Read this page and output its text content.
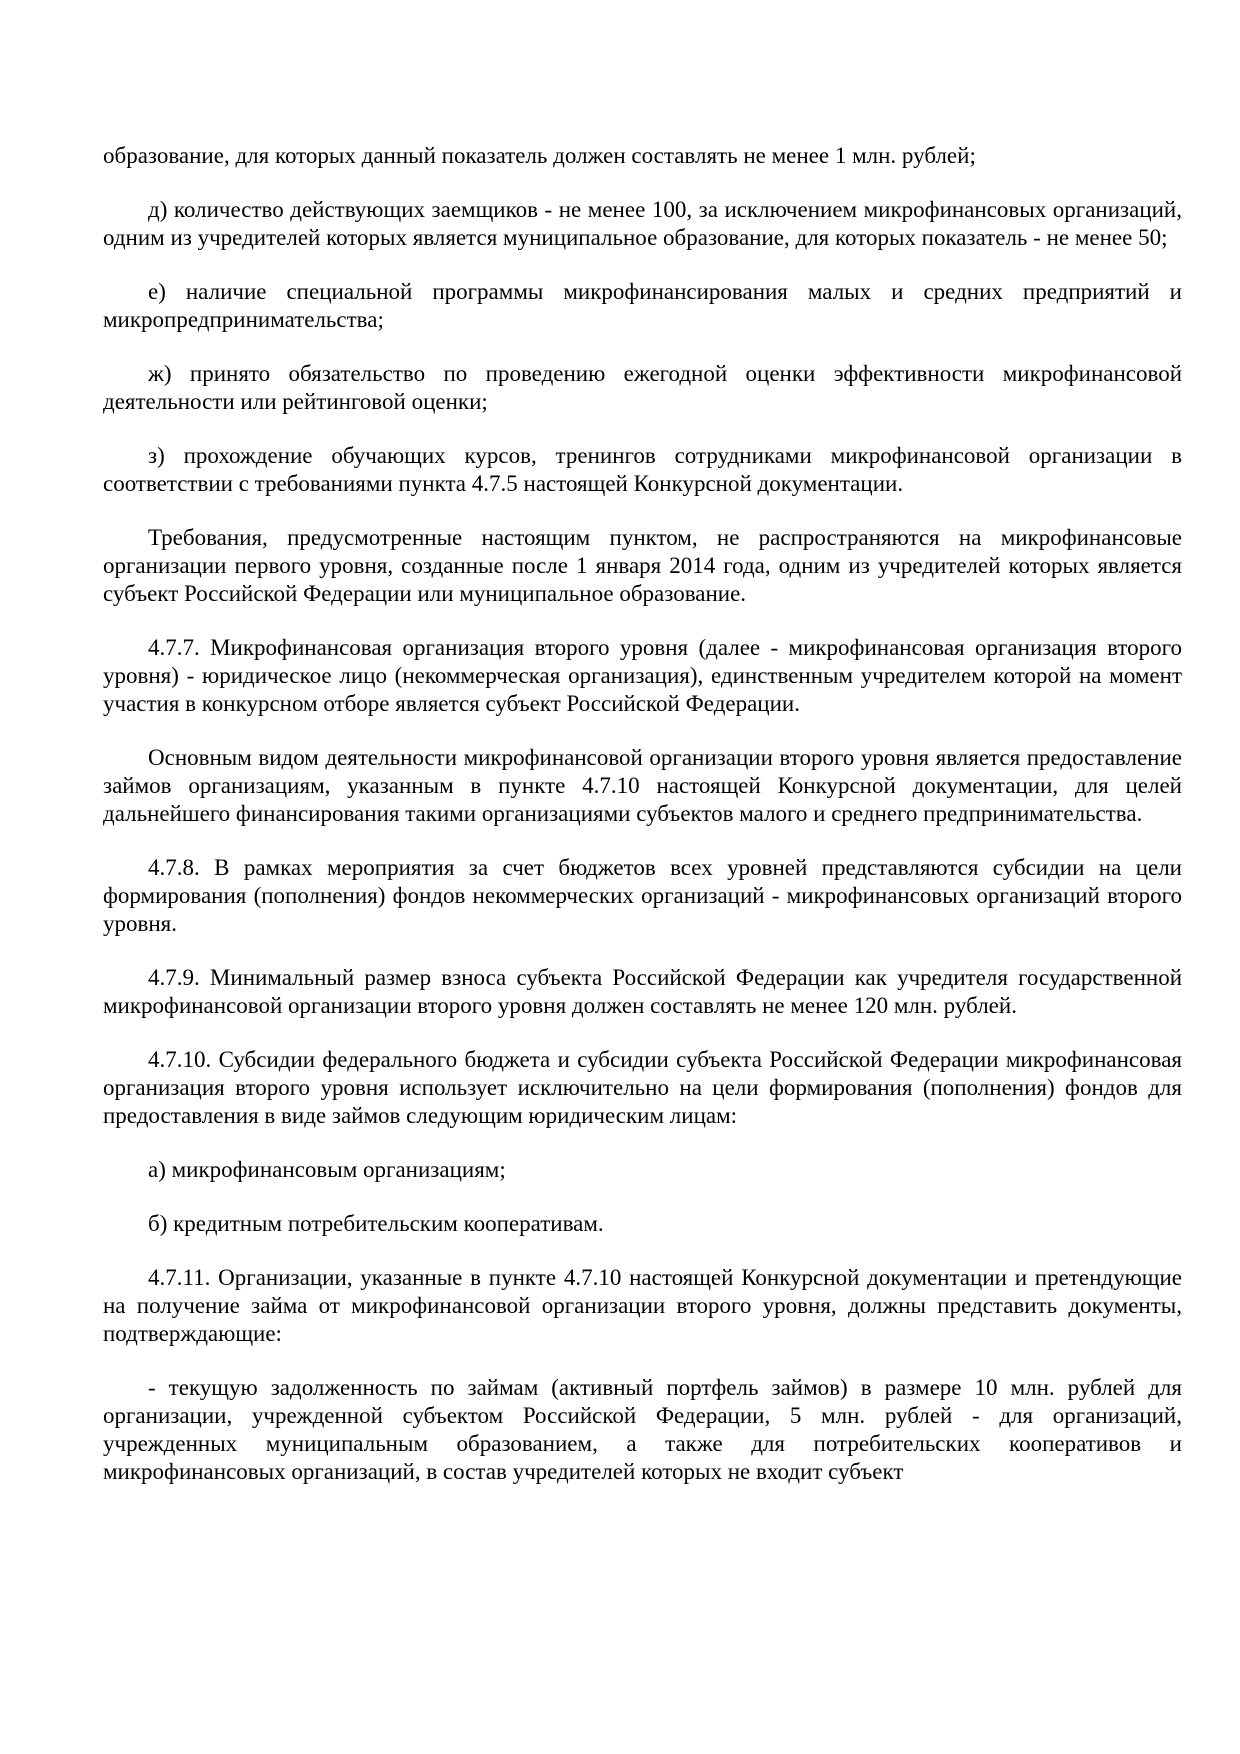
образование, для которых данный показатель должен составлять не менее 1 млн. рублей;

д) количество действующих заемщиков - не менее 100, за исключением микрофинансовых организаций, одним из учредителей которых является муниципальное образование, для которых показатель - не менее 50;

е) наличие специальной программы микрофинансирования малых и средних предприятий и микропредпринимательства;

ж) принято обязательство по проведению ежегодной оценки эффективности микрофинансовой деятельности или рейтинговой оценки;

з) прохождение обучающих курсов, тренингов сотрудниками микрофинансовой организации в соответствии с требованиями пункта 4.7.5 настоящей Конкурсной документации.

Требования, предусмотренные настоящим пунктом, не распространяются на микрофинансовые организации первого уровня, созданные после 1 января 2014 года, одним из учредителей которых является субъект Российской Федерации или муниципальное образование.

4.7.7. Микрофинансовая организация второго уровня (далее - микрофинансовая организация второго уровня) - юридическое лицо (некоммерческая организация), единственным учредителем которой на момент участия в конкурсном отборе является субъект Российской Федерации.

Основным видом деятельности микрофинансовой организации второго уровня является предоставление займов организациям, указанным в пункте 4.7.10 настоящей Конкурсной документации, для целей дальнейшего финансирования такими организациями субъектов малого и среднего предпринимательства.

4.7.8. В рамках мероприятия за счет бюджетов всех уровней представляются субсидии на цели формирования (пополнения) фондов некоммерческих организаций - микрофинансовых организаций второго уровня.

4.7.9. Минимальный размер взноса субъекта Российской Федерации как учредителя государственной микрофинансовой организации второго уровня должен составлять не менее 120 млн. рублей.

4.7.10. Субсидии федерального бюджета и субсидии субъекта Российской Федерации микрофинансовая организация второго уровня использует исключительно на цели формирования (пополнения) фондов для предоставления в виде займов следующим юридическим лицам:

а) микрофинансовым организациям;

б) кредитным потребительским кооперативам.

4.7.11. Организации, указанные в пункте 4.7.10 настоящей Конкурсной документации и претендующие на получение займа от микрофинансовой организации второго уровня, должны представить документы, подтверждающие:

- текущую задолженность по займам (активный портфель займов) в размере 10 млн. рублей для организации, учрежденной субъектом Российской Федерации, 5 млн. рублей - для организаций, учрежденных муниципальным образованием, а также для потребительских кооперативов и микрофинансовых организаций, в состав учредителей которых не входит субъект
